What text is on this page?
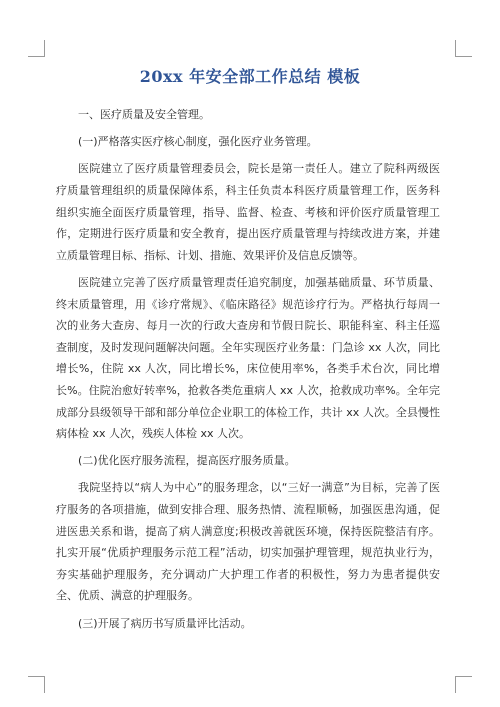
20xx 年安全部工作总结 模板

一、医疗质量及安全管理。

(一)严格落实医疗核心制度，强化医疗业务管理。

医院建立了医疗质量管理委员会，院长是第一责任人。建立了院科两级医疗质量管理组织的质量保障体系，科主任负责本科医疗质量管理工作，医务科组织实施全面医疗质量管理，指导、监督、检查、考核和评价医疗质量管理工作，定期进行医疗质量和安全教育，提出医疗质量管理与持续改进方案，并建立质量管理目标、指标、计划、措施、效果评价及信息反馈等。

医院建立完善了医疗质量管理责任追究制度，加强基础质量、环节质量、终末质量管理，用《诊疗常规》、《临床路径》规范诊疗行为。严格执行每周一次的业务大查房、每月一次的行政大查房和节假日院长、职能科室、科主任巡查制度，及时发现问题解决问题。全年实现医疗业务量：门急诊 xx 人次，同比增长%，住院 xx 人次，同比增长%，床位使用率%，各类手术台次，同比增长%。住院治愈好转率%，抢救各类危重病人 xx 人次，抢救成功率%。全年完成部分县级领导干部和部分单位企业职工的体检工作，共计 xx 人次。全县慢性病体检 xx 人次，残疾人体检 xx 人次。

(二)优化医疗服务流程，提高医疗服务质量。

我院坚持以“病人为中心”的服务理念，以“三好一满意”为目标，完善了医疗服务的各项措施，做到安排合理、服务热情、流程顺畅，加强医患沟通，促进医患关系和谐，提高了病人满意度;积极改善就医环境，保持医院整洁有序。扎实开展“优质护理服务示范工程”活动，切实加强护理管理，规范执业行为，夯实基础护理服务，充分调动广大护理工作者的积极性，努力为患者提供安全、优质、满意的护理服务。

(三)开展了病历书写质量评比活动。
